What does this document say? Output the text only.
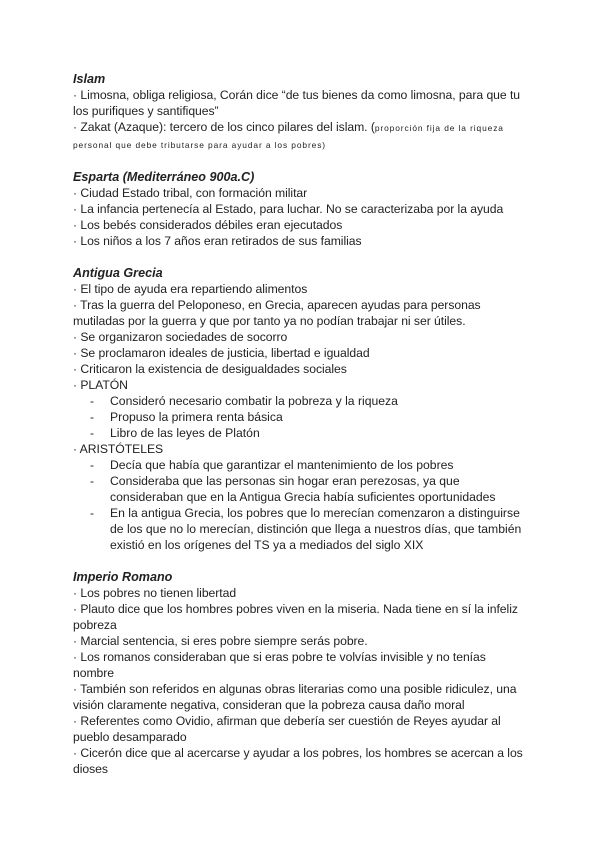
Islam

· Limosna, obliga religiosa, Corán dice “de tus bienes da como limosna, para que tu

los purifiques y santifiques”

· Zakat (Azaque): tercero de los cinco pilares del islam. (proporción fija de la riqueza

personal que debe tributarse para ayudar a los pobres)

Esparta (Mediterráneo 900a.C)

· Ciudad Estado tribal, con formación militar

· La infancia pertenecía al Estado, para luchar. No se caracterizaba por la ayuda

· Los bebés considerados débiles eran ejecutados

· Los niños a los 7 años eran retirados de sus familias

Antigua Grecia

· El tipo de ayuda era repartiendo alimentos

· Tras la guerra del Peloponeso, en Grecia, aparecen ayudas para personas

mutiladas por la guerra y que por tanto ya no podían trabajar ni ser útiles.

· Se organizaron sociedades de socorro

· Se proclamaron ideales de justicia, libertad e igualdad

· Criticaron la existencia de desigualdades sociales

· PLATÓN

- Consideró necesario combatir la pobreza y la riqueza

- Propuso la primera renta básica

- Libro de las leyes de Platón

· ARISTÓTELES

- Decía que había que garantizar el mantenimiento de los pobres

- Consideraba que las personas sin hogar eran perezosas, ya que

consideraban que en la Antigua Grecia había suficientes oportunidades

- En la antigua Grecia, los pobres que lo merecían comenzaron a distinguirse

de los que no lo merecían, distinción que llega a nuestros días, que también

existió en los orígenes del TS ya a mediados del siglo XIX

Imperio Romano

· Los pobres no tienen libertad

· Plauto dice que los hombres pobres viven en la miseria. Nada tiene en sí la infeliz

pobreza

· Marcial sentencia, si eres pobre siempre serás pobre.

· Los romanos consideraban que si eras pobre te volvías invisible y no tenías

nombre

· También son referidos en algunas obras literarias como una posible ridiculez, una

visión claramente negativa, consideran que la pobreza causa daño moral

· Referentes como Ovidio, afirman que debería ser cuestión de Reyes ayudar al

pueblo desamparado

· Cicerón dice que al acercarse y ayudar a los pobres, los hombres se acercan a los

dioses
